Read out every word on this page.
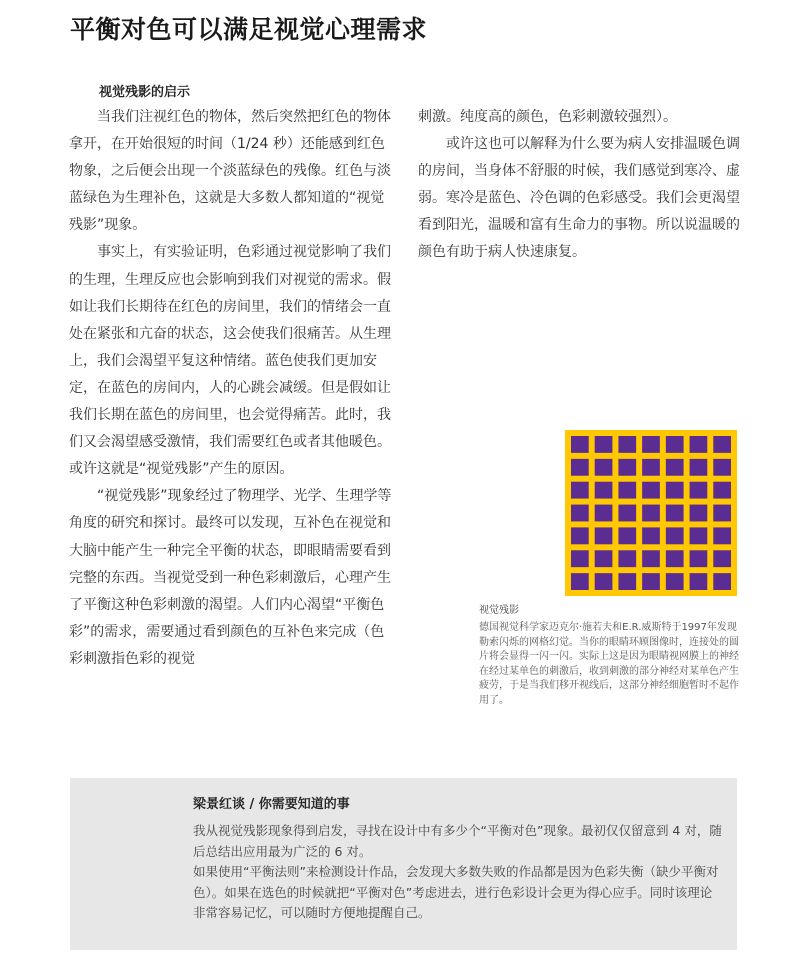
平衡对色可以满足视觉心理需求
视觉残影的启示

当我们注视红色的物体，然后突然把红色的物体拿开，在开始很短的时间（1/24 秒）还能感到红色物象，之后便会出现一个淡蓝绿色的残像。红色与淡蓝绿色为生理补色，这就是大多数人都知道的“视觉残影”现象。

事实上，有实验证明，色彩通过视觉影响了我们的生理，生理反应也会影响到我们对视觉的需求。假如让我们长期待在红色的房间里，我们的情绪会一直处在紧张和亢奋的状态，这会使我们很痛苦。从生理上，我们会渴望平复这种情绪。蓝色使我们更加安定，在蓝色的房间内，人的心跳会减缓。但是假如让我们长期在蓝色的房间里，也会觉得痛苦。此时，我们又会渴望感受激情，我们需要红色或者其他暖色。或许这就是“视觉残影”产生的原因。

“视觉残影”现象经过了物理学、光学、生理学等角度的研究和探讨。最终可以发现，互补色在视觉和大脑中能产生一种完全平衡的状态，即眼睛需要看到完整的东西。当视觉受到一种色彩刺激后，心理产生了平衡这种色彩刺激的渴望。人们内心渴望“平衡色彩”的需求，需要通过看到颜色的互补色来完成（色彩刺激指色彩的视觉

刺激。纯度高的颜色，色彩刺激较强烈）。

或许这也可以解释为什么要为病人安排温暖色调的房间，当身体不舒服的时候，我们感觉到寒冷、虚弱。寒冷是蓝色、冷色调的色彩感受。我们会更渴望看到阳光，温暖和富有生命力的事物。所以说温暖的颜色有助于病人快速康复。

视觉残影

德国视觉科学家迈克尔·施若夫和E.R.威斯特于1997年发现勒索闪烁的网格幻觉。当你的眼睛环顾图像时，连接处的圆片将会显得一闪一闪。实际上这是因为眼睛视网膜上的神经在经过某单色的刺激后，收到刺激的部分神经对某单色产生疲劳，于是当我们移开视线后，这部分神经细胞暂时不起作用了。

梁景红谈 / 你需要知道的事

我从视觉残影现象得到启发，寻找在设计中有多少个“平衡对色”现象。最初仅仅留意到 4 对，随后总结出应用最为广泛的 6 对。

如果使用“平衡法则”来检测设计作品，会发现大多数失败的作品都是因为色彩失衡（缺少平衡对色）。如果在选色的时候就把“平衡对色”考虑进去，进行色彩设计会更为得心应手。同时该理论非常容易记忆，可以随时方便地提醒自己。
